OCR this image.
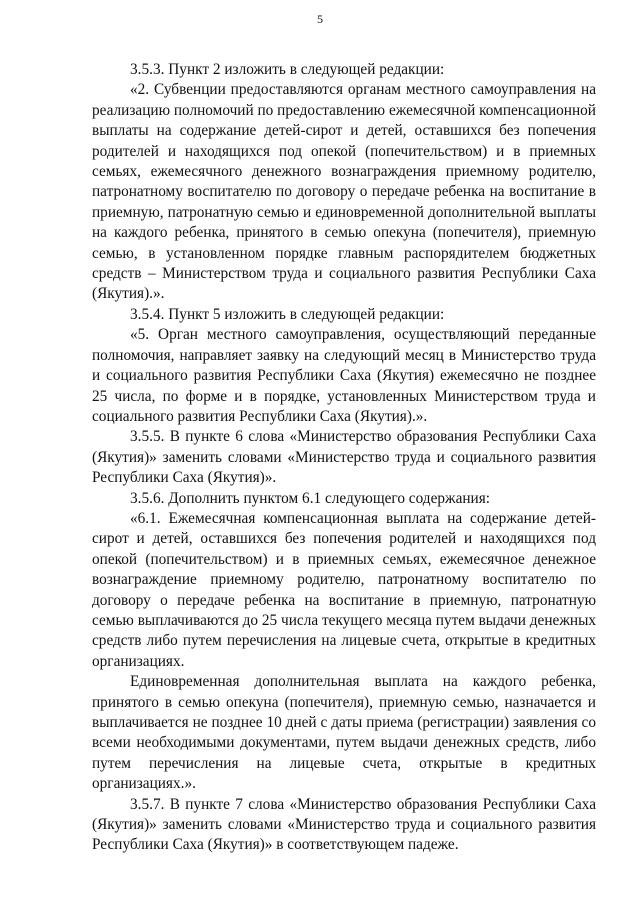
5

3.5.3. Пункт 2 изложить в следующей редакции:

«2. Субвенции предоставляются органам местного самоуправления на реализацию полномочий по предоставлению ежемесячной компенсационной выплаты на содержание детей-сирот и детей, оставшихся без попечения родителей и находящихся под опекой (попечительством) и в приемных семьях, ежемесячного денежного вознаграждения приемному родителю, патронатному воспитателю по договору о передаче ребенка на воспитание в приемную, патронатную семью и единовременной дополнительной выплаты на каждого ребенка, принятого в семью опекуна (попечителя), приемную семью, в установленном порядке главным распорядителем бюджетных средств – Министерством труда и социального развития Республики Саха (Якутия).».

3.5.4. Пункт 5 изложить в следующей редакции:

«5. Орган местного самоуправления, осуществляющий переданные полномочия, направляет заявку на следующий месяц в Министерство труда и социального развития Республики Саха (Якутия) ежемесячно не позднее 25 числа, по форме и в порядке, установленных Министерством труда и социального развития Республики Саха (Якутия).».

3.5.5. В пункте 6 слова «Министерство образования Республики Саха (Якутия)» заменить словами «Министерство труда и социального развития Республики Саха (Якутия)».

3.5.6. Дополнить пунктом 6.1 следующего содержания:

«6.1. Ежемесячная компенсационная выплата на содержание детей-сирот и детей, оставшихся без попечения родителей и находящихся под опекой (попечительством) и в приемных семьях, ежемесячное денежное вознаграждение приемному родителю, патронатному воспитателю по договору о передаче ребенка на воспитание в приемную, патронатную семью выплачиваются до 25 числа текущего месяца путем выдачи денежных средств либо путем перечисления на лицевые счета, открытые в кредитных организациях.

Единовременная дополнительная выплата на каждого ребенка, принятого в семью опекуна (попечителя), приемную семью, назначается и выплачивается не позднее 10 дней с даты приема (регистрации) заявления со всеми необходимыми документами, путем выдачи денежных средств, либо путем перечисления на лицевые счета, открытые в кредитных организациях.».

3.5.7. В пункте 7 слова «Министерство образования Республики Саха (Якутия)» заменить словами «Министерство труда и социального развития Республики Саха (Якутия)» в соответствующем падеже.
